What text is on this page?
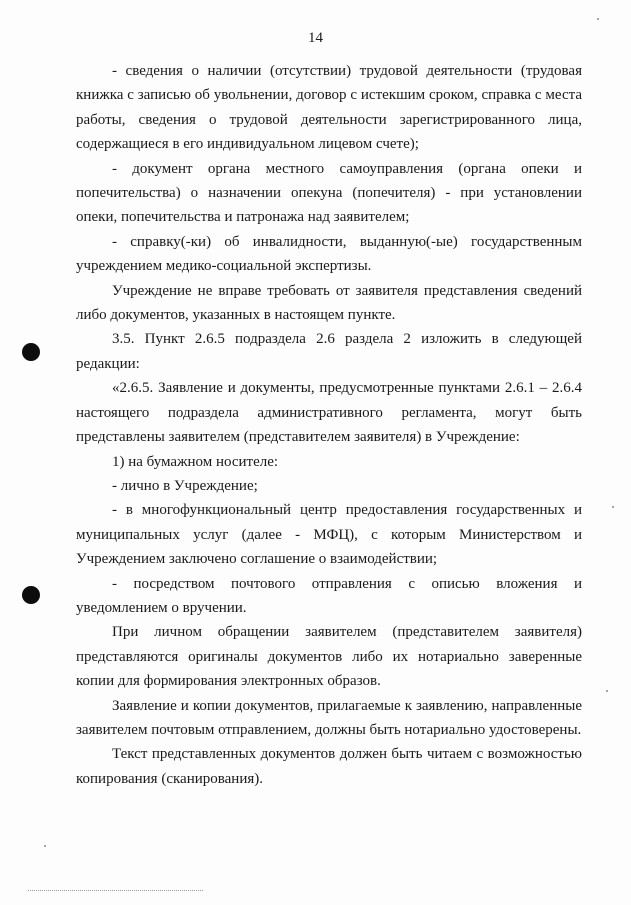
14

- сведения о наличии (отсутствии) трудовой деятельности (трудовая книжка с записью об увольнении, договор с истекшим сроком, справка с места работы, сведения о трудовой деятельности зарегистрированного лица, содержащиеся в его индивидуальном лицевом счете);

- документ органа местного самоуправления (органа опеки и попечительства) о назначении опекуна (попечителя) - при установлении опеки, попечительства и патронажа над заявителем;

- справку(-ки) об инвалидности, выданную(-ые) государственным учреждением медико-социальной экспертизы.

Учреждение не вправе требовать от заявителя представления сведений либо документов, указанных в настоящем пункте.

3.5. Пункт 2.6.5 подраздела 2.6 раздела 2 изложить в следующей редакции:

«2.6.5. Заявление и документы, предусмотренные пунктами 2.6.1 – 2.6.4 настоящего подраздела административного регламента, могут быть представлены заявителем (представителем заявителя) в Учреждение:

1) на бумажном носителе:

- лично в Учреждение;

- в многофункциональный центр предоставления государственных и муниципальных услуг (далее - МФЦ), с которым Министерством и Учреждением заключено соглашение о взаимодействии;

- посредством почтового отправления с описью вложения и уведомлением о вручении.

При личном обращении заявителем (представителем заявителя) представляются оригиналы документов либо их нотариально заверенные копии для формирования электронных образов.

Заявление и копии документов, прилагаемые к заявлению, направленные заявителем почтовым отправлением, должны быть нотариально удостоверены.

Текст представленных документов должен быть читаем с возможностью копирования (сканирования).
